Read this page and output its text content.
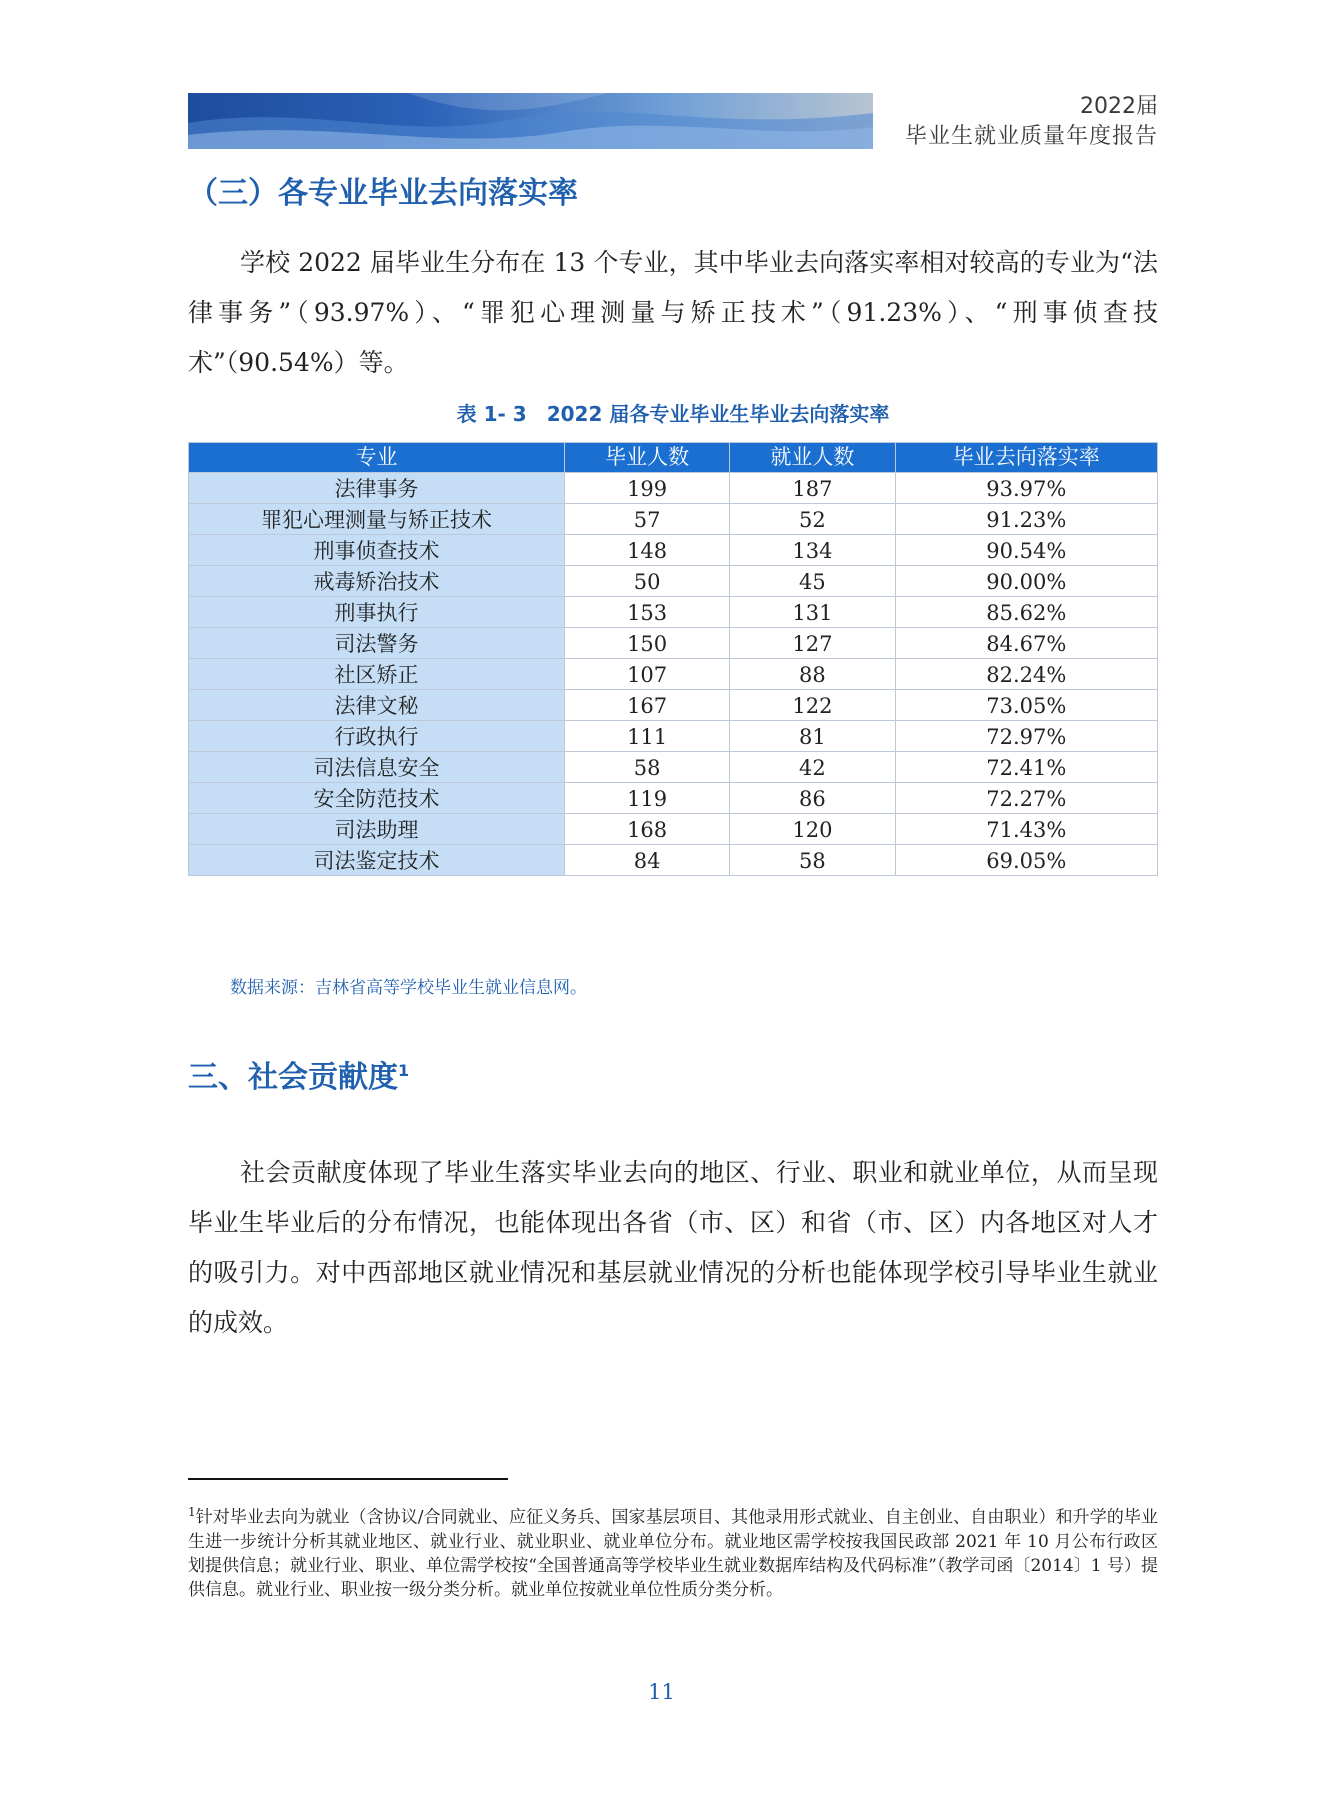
2022届
毕业生就业质量年度报告
（三）各专业毕业去向落实率
学校 2022 届毕业生分布在 13 个专业，其中毕业去向落实率相对较高的专业为“法律事务”（93.97%）、“罪犯心理测量与矫正技术”（91.23%）、“刑事侦查技术”（90.54%）等。
表 1- 3　2022 届各专业毕业生毕业去向落实率
专业	毕业人数	就业人数	毕业去向落实率
法律事务	199	187	93.97%
罪犯心理测量与矫正技术	57	52	91.23%
刑事侦查技术	148	134	90.54%
戒毒矫治技术	50	45	90.00%
刑事执行	153	131	85.62%
司法警务	150	127	84.67%
社区矫正	107	88	82.24%
法律文秘	167	122	73.05%
行政执行	111	81	72.97%
司法信息安全	58	42	72.41%
安全防范技术	119	86	72.27%
司法助理	168	120	71.43%
司法鉴定技术	84	58	69.05%
数据来源：吉林省高等学校毕业生就业信息网。
三、社会贡献度$^1$
社会贡献度体现了毕业生落实毕业去向的地区、行业、职业和就业单位，从而呈现毕业生毕业后的分布情况，也能体现出各省（市、区）和省（市、区）内各地区对人才的吸引力。对中西部地区就业情况和基层就业情况的分析也能体现学校引导毕业生就业的成效。
$^1$针对毕业去向为就业（含协议/合同就业、应征义务兵、国家基层项目、其他录用形式就业、自主创业、自由职业）和升学的毕业生进一步统计分析其就业地区、就业行业、就业职业、就业单位分布。就业地区需学校按我国民政部 2021 年 10 月公布行政区划提供信息；就业行业、职业、单位需学校按“全国普通高等学校毕业生就业数据库结构及代码标准”（教学司函〔2014〕1 号）提供信息。就业行业、职业按一级分类分析。就业单位按就业单位性质分类分析。
11
